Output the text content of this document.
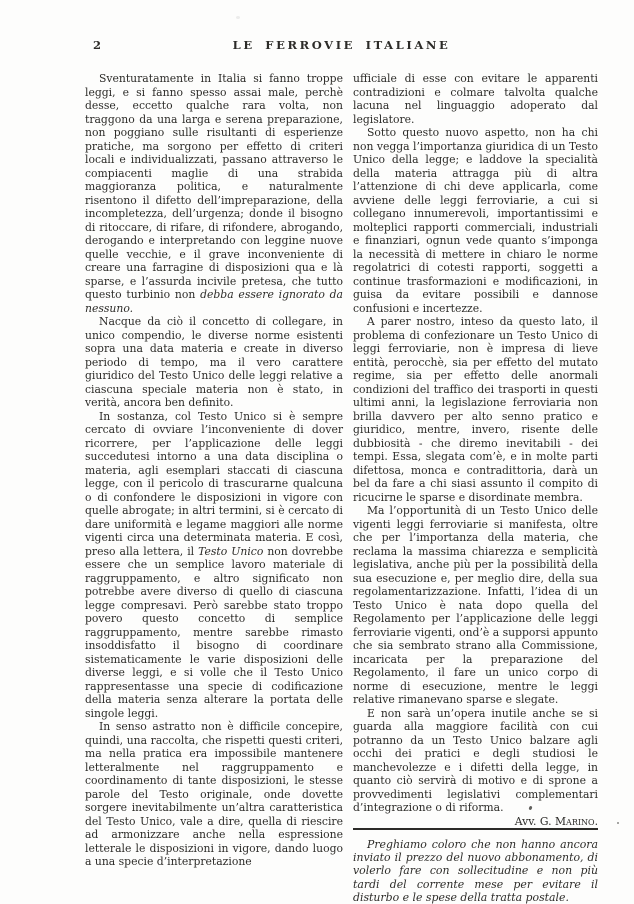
2	LE FERROVIE ITALIANE

Sventuratamente in Italia si fanno troppe leggi, e si fanno spesso assai male, perchè desse, eccetto qualche rara volta, non traggono da una larga e serena preparazione, non poggiano sulle risultanti di esperienze pratiche, ma sorgono per effetto di criteri locali e individualizzati, passano attraverso le compiacenti maglie di una strabida maggioranza politica, e naturalmente risentono il difetto dell’impreparazione, della incompletezza, dell’urgenza; donde il bisogno di ritoccare, di rifare, di rifondere, abrogando, derogando e interpretando con leggine nuove quelle vecchie, e il grave inconveniente di creare una farragine di disposizioni qua e là sparse, e l’assurda incivile pretesa, che tutto questo turbinio non debba essere ignorato da nessuno.

Nacque da ciò il concetto di collegare, in unico compendio, le diverse norme esistenti sopra una data materia e create in diverso periodo di tempo, ma il vero carattere giuridico del Testo Unico delle leggi relative a ciascuna speciale materia non è stato, in verità, ancora ben definito.

In sostanza, col Testo Unico si è sempre cercato di ovviare l’inconveniente di dover ricorrere, per l’applicazione delle leggi succedutesi intorno a una data disciplina o materia, agli esemplari staccati di ciascuna legge, con il pericolo di trascurarne qualcuna o di confondere le disposizioni in vigore con quelle abrogate; in altri termini, si è cercato di dare uniformità e legame maggiori alle norme vigenti circa una determinata materia. E così, preso alla lettera, il Testo Unico non dovrebbe essere che un semplice lavoro materiale di raggruppamento, e altro significato non potrebbe avere diverso di quello di ciascuna legge compresavi. Però sarebbe stato troppo povero questo concetto di semplice raggruppamento, mentre sarebbe rimasto insoddisfatto il bisogno di coordinare sistematicamente le varie disposizioni delle diverse leggi, e si volle che il Testo Unico rappresentasse una specie di codificazione della materia senza alterare la portata delle singole leggi.

In senso astratto non è difficile concepire, quindi, una raccolta, che rispetti questi criteri, ma nella pratica era impossibile mantenere letteralmente nel raggruppamento e coordinamento di tante disposizioni, le stesse parole del Testo originale, onde dovette sorgere inevitabilmente un’altra caratteristica del Testo Unico, vale a dire, quella di riescire ad armonizzare anche nella espressione letterale le disposizioni in vigore, dando luogo a una specie d’interpretazione

ufficiale di esse con evitare le apparenti contradizioni e colmare talvolta qualche lacuna nel linguaggio adoperato dal legislatore.

Sotto questo nuovo aspetto, non ha chi non vegga l’importanza giuridica di un Testo Unico della legge; e laddove la specialità della materia attragga più di altra l’attenzione di chi deve applicarla, come avviene delle leggi ferroviarie, a cui si collegano innumerevoli, importantissimi e molteplici rapporti commerciali, industriali e finanziari, ognun vede quanto s’imponga la necessità di mettere in chiaro le norme regolatrici di cotesti rapporti, soggetti a continue trasformazioni e modificazioni, in guisa da evitare possibili e dannose confusioni e incertezze.

A parer nostro, inteso da questo lato, il problema di confezionare un Testo Unico di leggi ferroviarie, non è impresa di lieve entità, perocchè, sia per effetto del mutato regime, sia per effetto delle anormali condizioni del traffico dei trasporti in questi ultimi anni, la legislazione ferroviaria non brilla davvero per alto senno pratico e giuridico, mentre, invero, risente delle dubbiosità - che diremo inevitabili - dei tempi. Essa, slegata com’è, e in molte parti difettosa, monca e contradittoria, darà un bel da fare a chi siasi assunto il compito di ricucirne le sparse e disordinate membra.

Ma l’opportunità di un Testo Unico delle vigenti leggi ferroviarie si manifesta, oltre che per l’importanza della materia, che reclama la massima chiarezza e semplicità legislativa, anche più per la possibilità della sua esecuzione e, per meglio dire, della sua regolamentarizzazione. Infatti, l’idea di un Testo Unico è nata dopo quella del Regolamento per l’applicazione delle leggi ferroviarie vigenti, ond’è a supporsi appunto che sia sembrato strano alla Commissione, incaricata per la preparazione del Regolamento, il fare un unico corpo di norme di esecuzione, mentre le leggi relative rimanevano sparse e slegate.

E non sarà un’opera inutile anche se si guarda alla maggiore facilità con cui potranno da un Testo Unico balzare agli occhi dei pratici e degli studiosi le manchevolezze e i difetti della legge, in quanto ciò servirà di motivo e di sprone a provvedimenti legislativi complementari d’integrazione o di riforma.
Avv. G. Marino.

Preghiamo coloro che non hanno ancora inviato il prezzo del nuovo abbonamento, di volerlo fare con sollecitudine e non più tardi del corrente mese per evitare il disturbo e le spese della tratta postale.
